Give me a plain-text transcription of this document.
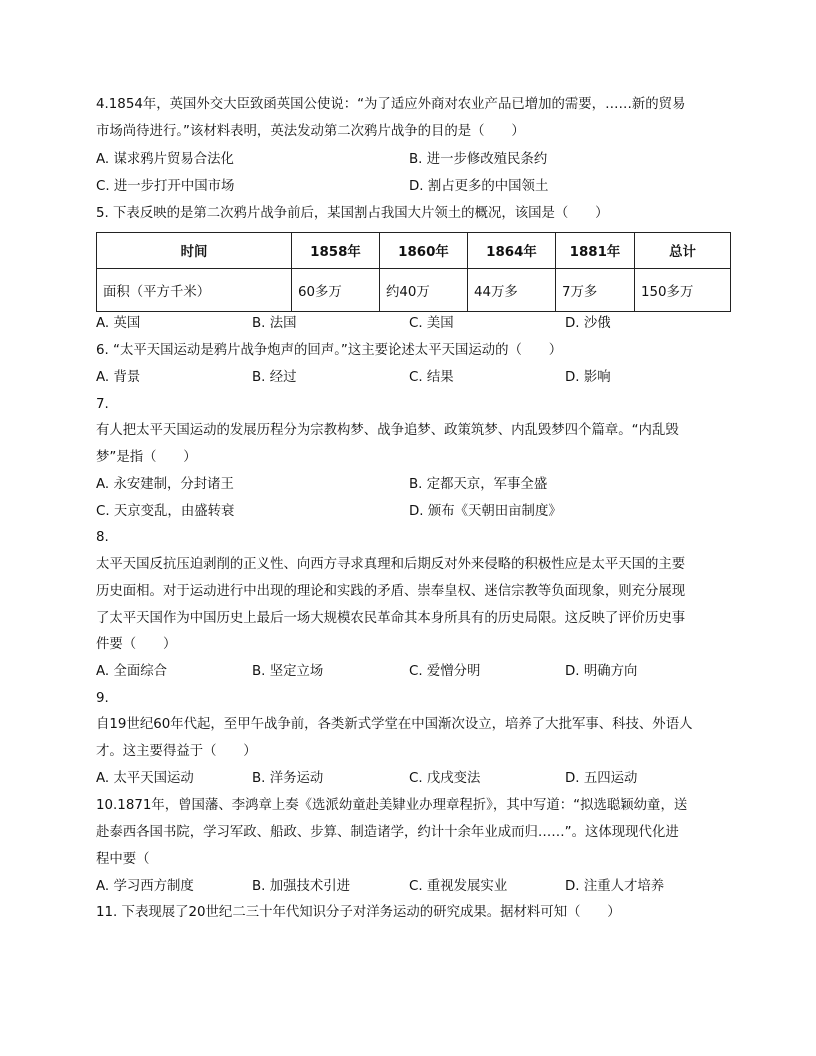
4.1854年，英国外交大臣致函英国公使说：“为了适应外商对农业产品已增加的需要，……新的贸易
市场尚待进行。”该材料表明，英法发动第二次鸦片战争的目的是（　　）
A. 谋求鸦片贸易合法化	B. 进一步修改殖民条约
C. 进一步打开中国市场	D. 割占更多的中国领土
5. 下表反映的是第二次鸦片战争前后，某国割占我国大片领土的概况，该国是（　　）
时间	1858年	1860年	1864年	1881年	总计
面积（平方千米）	60多万	约40万	44万多	7万多	150多万
A. 英国	B. 法国	C. 美国	D. 沙俄
6. “太平天国运动是鸦片战争炮声的回声。”这主要论述太平天国运动的（　　）
A. 背景	B. 经过	C. 结果	D. 影响
7.
有人把太平天国运动的发展历程分为宗教构梦、战争追梦、政策筑梦、内乱毁梦四个篇章。“内乱毁
梦”是指（　　）
A. 永安建制，分封诸王	B. 定都天京，军事全盛
C. 天京变乱，由盛转衰	D. 颁布《天朝田亩制度》
8.
太平天国反抗压迫剥削的正义性、向西方寻求真理和后期反对外来侵略的积极性应是太平天国的主要
历史面相。对于运动进行中出现的理论和实践的矛盾、崇奉皇权、迷信宗教等负面现象，则充分展现
了太平天国作为中国历史上最后一场大规模农民革命其本身所具有的历史局限。这反映了评价历史事
件要（　　）
A. 全面综合	B. 坚定立场	C. 爱憎分明	D. 明确方向
9.
自19世纪60年代起，至甲午战争前，各类新式学堂在中国渐次设立，培养了大批军事、科技、外语人
才。这主要得益于（　　）
A. 太平天国运动	B. 洋务运动	C. 戊戌变法	D. 五四运动
10.1871年，曾国藩、李鸿章上奏《选派幼童赴美肄业办理章程折》，其中写道：“拟选聪颖幼童，送
赴泰西各国书院，学习军政、船政、步算、制造诸学，约计十余年业成而归……”。这体现现代化进
程中要（
A. 学习西方制度	B. 加强技术引进	C. 重视发展实业	D. 注重人才培养
11. 下表现展了20世纪二三十年代知识分子对洋务运动的研究成果。据材料可知（　　）
